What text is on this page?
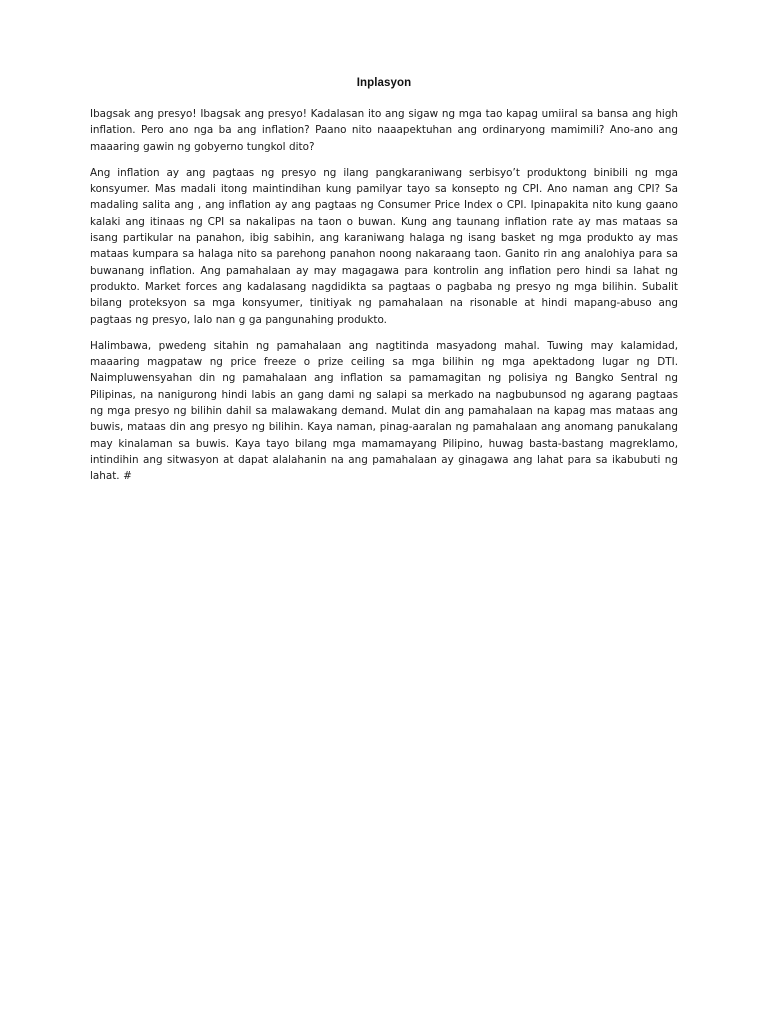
Inplasyon

Ibagsak ang presyo! Ibagsak ang presyo! Kadalasan ito ang sigaw ng mga tao kapag umiiral sa bansa ang high inflation. Pero ano nga ba ang inflation? Paano nito naaapektuhan ang ordinaryong mamimili? Ano-ano ang maaaring gawin ng gobyerno tungkol dito?

Ang inflation ay ang pagtaas ng presyo ng ilang pangkaraniwang serbisyo’t produktong binibili ng mga konsyumer. Mas madali itong maintindihan kung pamilyar tayo sa konsepto ng CPI. Ano naman ang CPI? Sa madaling salita ang , ang inflation ay ang pagtaas ng Consumer Price Index o CPI. Ipinapakita nito kung gaano kalaki ang itinaas ng CPI sa nakalipas na taon o buwan. Kung ang taunang inflation rate ay mas mataas sa isang partikular na panahon, ibig sabihin, ang karaniwang halaga ng isang basket ng mga produkto ay mas mataas kumpara sa halaga nito sa parehong panahon noong nakaraang taon. Ganito rin ang analohiya para sa buwanang inflation. Ang pamahalaan ay may magagawa para kontrolin ang inflation pero hindi sa lahat ng produkto. Market forces ang kadalasang nagdidikta sa pagtaas o pagbaba ng presyo ng mga bilihin. Subalit bilang proteksyon sa mga konsyumer, tinitiyak ng pamahalaan na risonable at hindi mapang-abuso ang pagtaas ng presyo, lalo nan g ga pangunahing produkto.

Halimbawa, pwedeng sitahin ng pamahalaan ang nagtitinda masyadong mahal. Tuwing may kalamidad, maaaring magpataw ng price freeze o prize ceiling sa mga bilihin ng mga apektadong lugar ng DTI. Naimpluwensyahan din ng pamahalaan ang inflation sa pamamagitan ng polisiya ng Bangko Sentral ng Pilipinas, na nanigurong hindi labis an gang dami ng salapi sa merkado na nagbubunsod ng agarang pagtaas ng mga presyo ng bilihin dahil sa malawakang demand. Mulat din ang pamahalaan na kapag mas mataas ang buwis, mataas din ang presyo ng bilihin. Kaya naman, pinag-aaralan ng pamahalaan ang anomang panukalang may kinalaman sa buwis. Kaya tayo bilang mga mamamayang Pilipino, huwag basta-bastang magreklamo, intindihin ang sitwasyon at dapat alalahanin na ang pamahalaan ay ginagawa ang lahat para sa ikabubuti ng lahat. #
